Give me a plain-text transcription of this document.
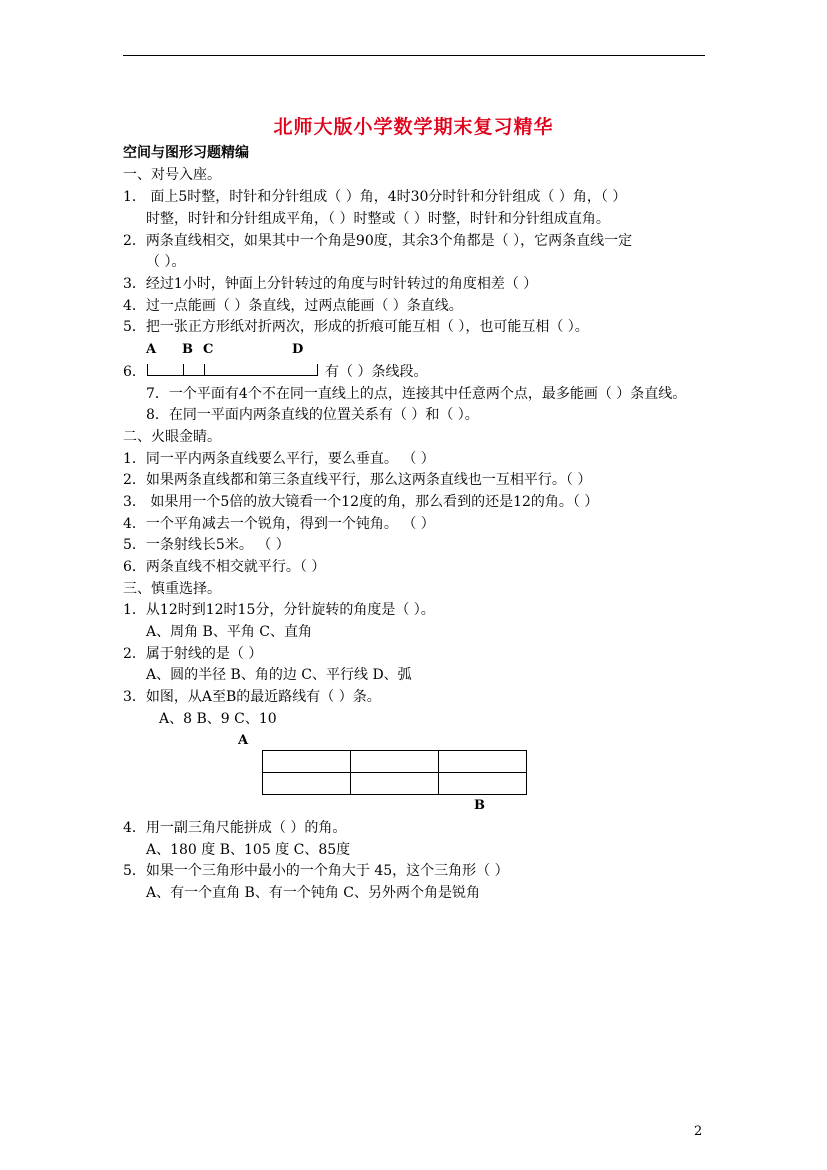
北师大版小学数学期末复习精华
空间与图形习题精编
一、对号入座。
1． 面上5时整，时针和分针组成（ ）角，4时30分时针和分针组成（ ）角，（ ）
时整，时针和分针组成平角，（ ）时整或（ ）时整，时针和分针组成直角。
2．两条直线相交，如果其中一个角是90度，其余3个角都是（ ），它两条直线一定
（ ）。
3．经过1小时，钟面上分针转过的角度与时针转过的角度相差（ ）
4．过一点能画（ ）条直线，过两点能画（ ）条直线。
5．把一张正方形纸对折两次，形成的折痕可能互相（ ），也可能互相（ ）。
A B C	D
6．	有（ ）条线段。
7．一个平面有4个不在同一直线上的点，连接其中任意两个点，最多能画（ ）条直线。
8．在同一平面内两条直线的位置关系有（ ）和（ ）。
二、火眼金睛。
1．同一平内两条直线要么平行，要么垂直。 （ ）
2．如果两条直线都和第三条直线平行，那么这两条直线也一互相平行。（ ）
3． 如果用一个5倍的放大镜看一个12度的角，那么看到的还是12的角。（ ）
4．一个平角减去一个锐角，得到一个钝角。 （ ）
5．一条射线长5米。 （ ）
6．两条直线不相交就平行。（ ）
三、慎重选择。
1．从12时到12时15分，分针旋转的角度是（ ）。
A、周角 B、平角 C、直角
2．属于射线的是（ ）
A、圆的半径 B、角的边 C、平行线 D、弧
3．如图，从A至B的最近路线有（ ）条。
A、8 B、9 C、10
A

B
4．用一副三角尺能拼成（ ）的角。
A、180 度 B、105 度 C、85度
5．如果一个三角形中最小的一个角大于 45，这个三角形（ ）
A、有一个直角 B、有一个钝角 C、另外两个角是锐角
2
